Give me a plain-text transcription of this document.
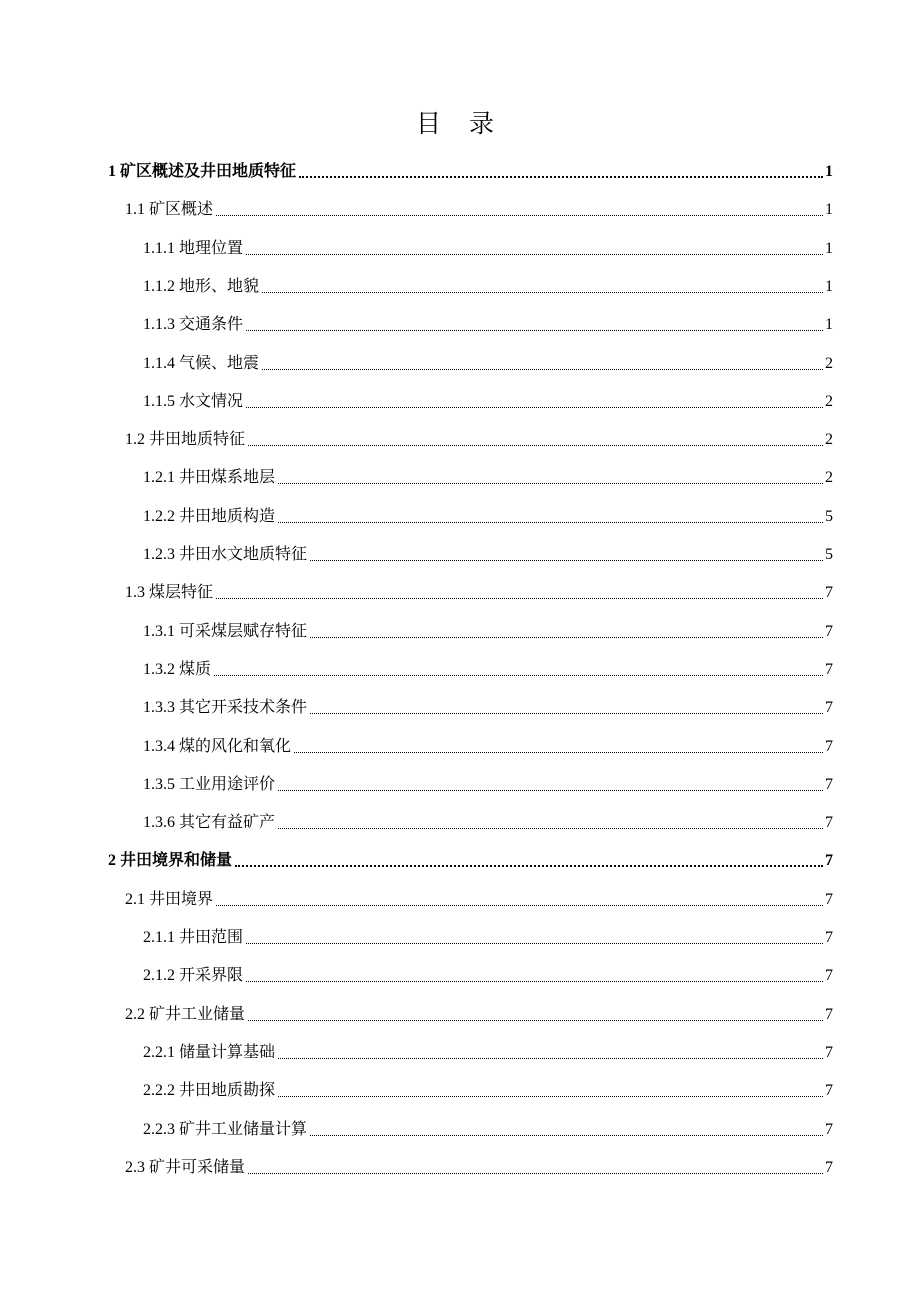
目 录
1 矿区概述及井田地质特征	1
1.1 矿区概述	1
1.1.1 地理位置	1
1.1.2 地形、地貌	1
1.1.3 交通条件	1
1.1.4 气候、地震	2
1.1.5 水文情况	2
1.2 井田地质特征	2
1.2.1 井田煤系地层	2
1.2.2 井田地质构造	5
1.2.3 井田水文地质特征	5
1.3 煤层特征	7
1.3.1 可采煤层赋存特征	7
1.3.2 煤质	7
1.3.3 其它开采技术条件	7
1.3.4 煤的风化和氧化	7
1.3.5 工业用途评价	7
1.3.6 其它有益矿产	7
2 井田境界和储量	7
2.1 井田境界	7
2.1.1 井田范围	7
2.1.2 开采界限	7
2.2 矿井工业储量	7
2.2.1 储量计算基础	7
2.2.2 井田地质勘探	7
2.2.3 矿井工业储量计算	7
2.3 矿井可采储量	7
